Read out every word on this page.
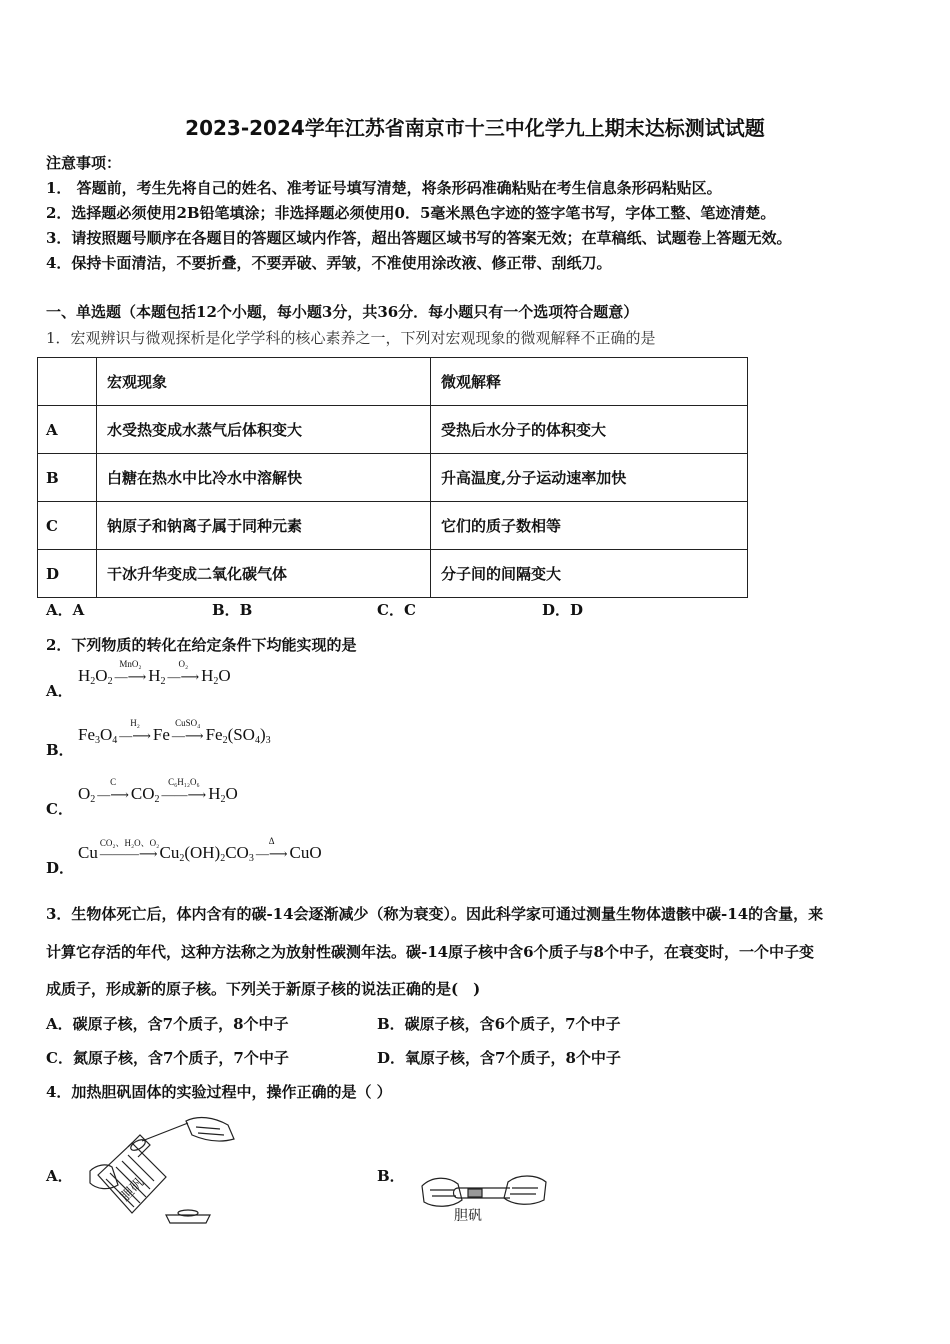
2023-2024学年江苏省南京市十三中化学九上期末达标测试试题
注意事项：
1． 答题前，考生先将自己的姓名、准考证号填写清楚，将条形码准确粘贴在考生信息条形码粘贴区。
2．选择题必须使用2B铅笔填涂；非选择题必须使用0．5毫米黑色字迹的签字笔书写，字体工整、笔迹清楚。
3．请按照题号顺序在各题目的答题区域内作答，超出答题区域书写的答案无效；在草稿纸、试题卷上答题无效。
4．保持卡面清洁，不要折叠，不要弄破、弄皱，不准使用涂改液、修正带、刮纸刀。
一、单选题（本题包括12个小题，每小题3分，共36分．每小题只有一个选项符合题意）
1．宏观辨识与微观探析是化学学科的核心素养之一，下列对宏观现象的微观解释不正确的是
	宏观现象	微观解释
A	水受热变成水蒸气后体积变大	受热后水分子的体积变大
B	白糖在热水中比冷水中溶解快	升高温度,分子运动速率加快
C	钠原子和钠离子属于同种元素	它们的质子数相等
D	干冰升华变成二氧化碳气体	分子间的间隔变大
A．A	B．B	C．C	D．D
2．下列物质的转化在给定条件下均能实现的是
A．
$H_2O_2$ —⟶
MnO₂
$H_2$ —⟶
O₂
$H_2O$
B．
$Fe_3O_4$ —⟶
H₂
Fe —⟶
CuSO₄
$Fe_2(SO_4)_3$
C．
$O_2$ —⟶
C
$CO_2$ ——⟶
C₆H₁₂O₆
$H_2O$
D．
Cu ———⟶
CO₂、H₂O、O₂ $Cu_2(OH)_2CO_3$ —⟶
Δ
CuO
3．生物体死亡后，体内含有的碳-14会逐渐减少（称为衰变）。因此科学家可通过测量生物体遗骸中碳-14的含量，来
计算它存活的年代，这种方法称之为放射性碳测年法。碳-14原子核中含6个质子与8个中子，在衰变时，一个中子变
成质子，形成新的原子核。下列关于新原子核的说法正确的是(　)
A．碳原子核，含7个质子，8个中子	B．碳原子核，含6个质子，7个中子
C．氮原子核，含7个质子，7个中子	D．氧原子核，含7个质子，8个中子
4．加热胆矾固体的实验过程中，操作正确的是（ ）
A．	B．
胆矾
胆矾
